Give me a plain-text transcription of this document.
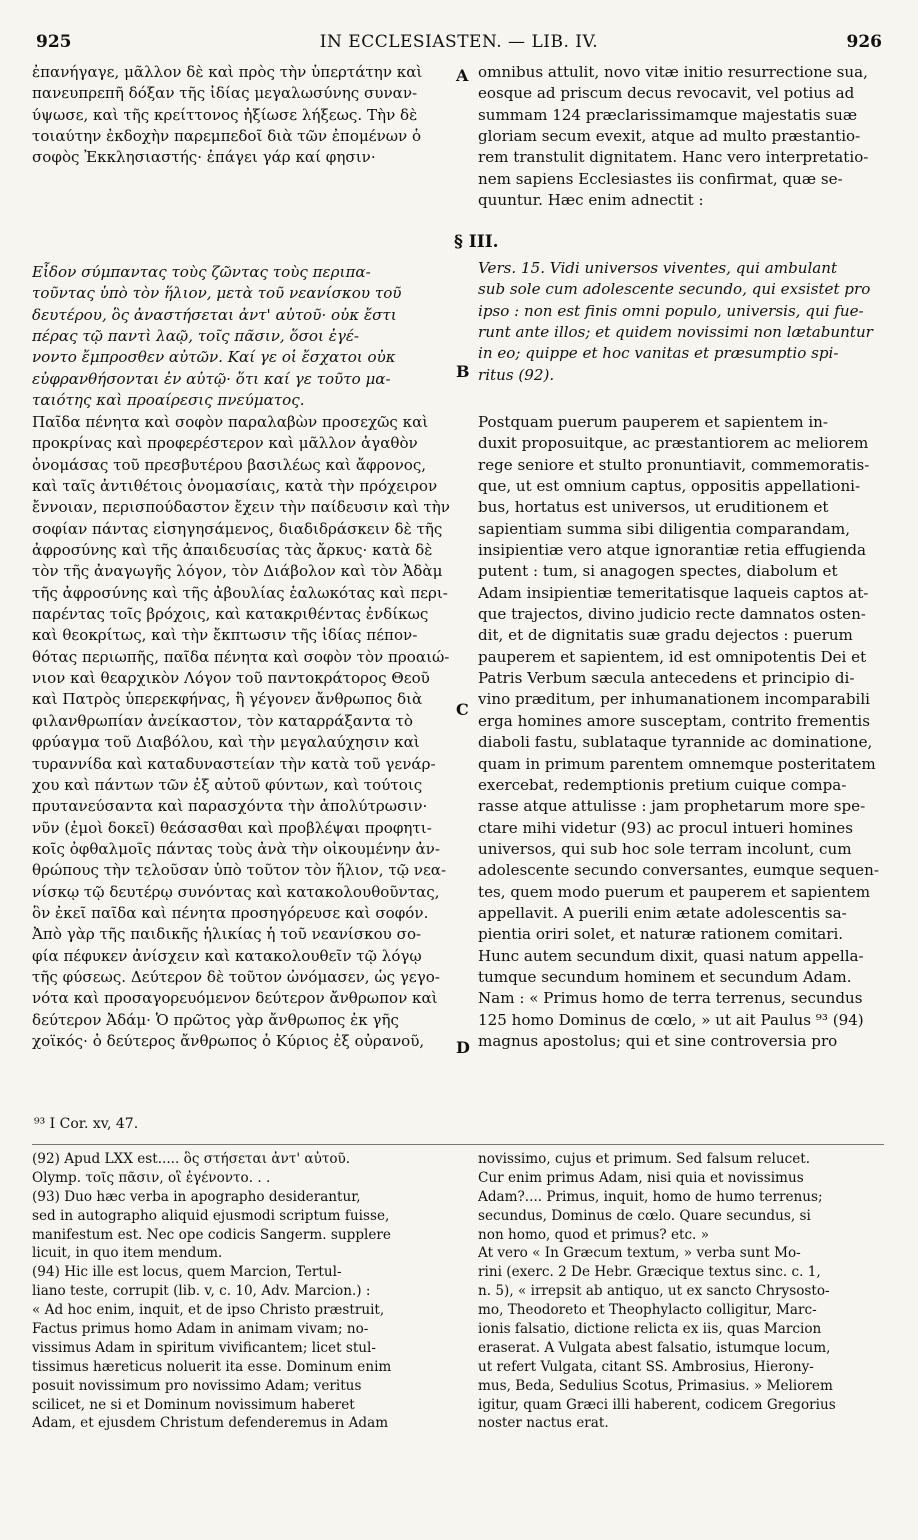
925	IN ECCLESIASTEN. — LIB. IV.	926
ἐπανήγαγε, μᾶλλον δὲ καὶ πρὸς τὴν ὑπερτάτην καὶ
πανευπρεπῆ δόξαν τῆς ἰδίας μεγαλωσύνης συναν-
ύψωσε, καὶ τῆς κρείττονος ἠξίωσε λήξεως. Τὴν δὲ
τοιαύτην ἐκδοχὴν παρεμπεδοῖ διὰ τῶν ἐπομένων ὁ
σοφὸς Ἐκκλησιαστής· ἐπάγει γάρ καί φησιν·
§ III.
Εἶδον σύμπαντας τοὺς ζῶντας τοὺς περιπα-
τοῦντας ὑπὸ τὸν ἥλιον, μετὰ τοῦ νεανίσκου τοῦ
δευτέρου, ὃς ἀναστήσεται ἀντ' αὐτοῦ· οὐκ ἔστι
πέρας τῷ παντὶ λαῷ, τοῖς πᾶσιν, ὅσοι ἐγέ-
νοντο ἔμπροσθεν αὐτῶν. Καί γε οἱ ἔσχατοι οὐκ
εὐφρανθήσονται ἐν αὐτῷ· ὅτι καί γε τοῦτο μα-
ταιότης καὶ προαίρεσις πνεύματος.
Παῖδα πένητα καὶ σοφὸν παραλαβὼν προσεχῶς καὶ
προκρίνας καὶ προφερέστερον καὶ μᾶλλον ἀγαθὸν
ὀνομάσας τοῦ πρεσβυτέρου βασιλέως καὶ ἄφρονος,
καὶ ταῖς ἀντιθέτοις ὀνομασίαις, κατὰ τὴν πρόχειρον
ἔννοιαν, περισπούδαστον ἔχειν τὴν παίδευσιν καὶ τὴν
σοφίαν πάντας εἰσηγησάμενος, διαδιδράσκειν δὲ τῆς
ἀφροσύνης καὶ τῆς ἀπαιδευσίας τὰς ἄρκυς· κατὰ δὲ
τὸν τῆς ἀναγωγῆς λόγον, τὸν Διάβολον καὶ τὸν Ἀδὰμ
τῆς ἀφροσύνης καὶ τῆς ἀβουλίας ἑαλωκότας καὶ περι-
παρέντας τοῖς βρόχοις, καὶ κατακριθέντας ἐνδίκως
καὶ θεοκρίτως, καὶ τὴν ἔκπτωσιν τῆς ἰδίας πέπον-
θότας περιωπῆς, παῖδα πένητα καὶ σοφὸν τὸν προαιώ-
νιον καὶ θεαρχικὸν Λόγον τοῦ παντοκράτορος Θεοῦ
καὶ Πατρὸς ὑπερεκφήνας, ἣ γέγονεν ἄνθρωπος διὰ
φιλανθρωπίαν ἀνείκαστον, τὸν καταρράξαντα τὸ
φρύαγμα τοῦ Διαβόλου, καὶ τὴν μεγαλαύχησιν καὶ
τυραννίδα καὶ καταδυναστείαν τὴν κατὰ τοῦ γενάρ-
χου καὶ πάντων τῶν ἐξ αὐτοῦ φύντων, καὶ τούτοις
πρυτανεύσαντα καὶ παρασχόντα τὴν ἀπολύτρωσιν·
νῦν (ἐμοὶ δοκεῖ) θεάσασθαι καὶ προβλέψαι προφητι-
κοῖς ὀφθαλμοῖς πάντας τοὺς ἀνὰ τὴν οἰκουμένην ἀν-
θρώπους τὴν τελοῦσαν ὑπὸ τοῦτον τὸν ἥλιον, τῷ νεα-
νίσκῳ τῷ δευτέρῳ συνόντας καὶ κατακολουθοῦντας,
ὃν ἐκεῖ παῖδα καὶ πένητα προσηγόρευσε καὶ σοφόν.
Ἀπὸ γὰρ τῆς παιδικῆς ἡλικίας ἡ τοῦ νεανίσκου σο-
φία πέφυκεν ἀνίσχειν καὶ κατακολουθεῖν τῷ λόγῳ
τῆς φύσεως. Δεύτερον δὲ τοῦτον ὠνόμασεν, ὡς γεγο-
νότα καὶ προσαγορευόμενον δεύτερον ἄνθρωπον καὶ
δεύτερον Ἀδάμ· Ὁ πρῶτος γὰρ ἄνθρωπος ἐκ γῆς
χοϊκός· ὁ δεύτερος ἄνθρωπος ὁ Κύριος ἐξ οὐρανοῦ,
⁹³ I Cor. xv, 47.
A
B
C
D
omnibus attulit, novo vitæ initio resurrectione sua,
eosque ad priscum decus revocavit, vel potius ad
summam 124 præclarissimamque majestatis suæ
gloriam secum evexit, atque ad multo præstantio-
rem transtulit dignitatem. Hanc vero interpretatio-
nem sapiens Ecclesiastes iis confirmat, quæ se-
quuntur. Hæc enim adnectit :
Vers. 15. Vidi universos viventes, qui ambulant
sub sole cum adolescente secundo, qui exsistet pro
ipso : non est finis omni populo, universis, qui fue-
runt ante illos; et quidem novissimi non lætabuntur
in eo; quippe et hoc vanitas et præsumptio spi-
ritus (92).
Postquam puerum pauperem et sapientem in-
duxit proposuitque, ac præstantiorem ac meliorem
rege seniore et stulto pronuntiavit, commemoratis-
que, ut est omnium captus, oppositis appellationi-
bus, hortatus est universos, ut eruditionem et
sapientiam summa sibi diligentia comparandam,
insipientiæ vero atque ignorantiæ retia effugienda
putent : tum, si anagogen spectes, diabolum et
Adam insipientiæ temeritatisque laqueis captos at-
que trajectos, divino judicio recte damnatos osten-
dit, et de dignitatis suæ gradu dejectos : puerum
pauperem et sapientem, id est omnipotentis Dei et
Patris Verbum sæcula antecedens et principio di-
vino præditum, per inhumanationem incomparabili
erga homines amore susceptam, contrito frementis
diaboli fastu, sublataque tyrannide ac dominatione,
quam in primum parentem omnemque posteritatem
exercebat, redemptionis pretium cuique compa-
rasse atque attulisse : jam prophetarum more spe-
ctare mihi videtur (93) ac procul intueri homines
universos, qui sub hoc sole terram incolunt, cum
adolescente secundo conversantes, eumque sequen-
tes, quem modo puerum et pauperem et sapientem
appellavit. A puerili enim ætate adolescentis sa-
pientia oriri solet, et naturæ rationem comitari.
Hunc autem secundum dixit, quasi natum appella-
tumque secundum hominem et secundum Adam.
Nam : « Primus homo de terra terrenus, secundus
125 homo Dominus de cœlo, » ut ait Paulus ⁹³ (94)
magnus apostolus; qui et sine controversia pro
(92) Apud LXX est..... ὃς στήσεται ἀντ' αὐτοῦ.
Olymp. τοῖς πᾶσιν, οἳ ἐγένοντο. . .
(93) Duo hæc verba in apographo desiderantur,
sed in autographo aliquid ejusmodi scriptum fuisse,
manifestum est. Nec ope codicis Sangerm. supplere
licuit, in quo item mendum.
(94) Hic ille est locus, quem Marcion, Tertul-
liano teste, corrupit (lib. v, c. 10, Adv. Marcion.) :
« Ad hoc enim, inquit, et de ipso Christo præstruit,
Factus primus homo Adam in animam vivam; no-
vissimus Adam in spiritum vivificantem; licet stul-
tissimus hæreticus noluerit ita esse. Dominum enim
posuit novissimum pro novissimo Adam; veritus
scilicet, ne si et Dominum novissimum haberet
Adam, et ejusdem Christum defenderemus in Adam
novissimo, cujus et primum. Sed falsum relucet.
Cur enim primus Adam, nisi quia et novissimus
Adam?.... Primus, inquit, homo de humo terrenus;
secundus, Dominus de cœlo. Quare secundus, si
non homo, quod et primus? etc. »
At vero « In Græcum textum, » verba sunt Mo-
rini (exerc. 2 De Hebr. Græcique textus sinc. c. 1,
n. 5), « irrepsit ab antiquo, ut ex sancto Chrysosto-
mo, Theodoreto et Theophylacto colligitur, Marc-
ionis falsatio, dictione relicta ex iis, quas Marcion
eraserat. A Vulgata abest falsatio, istumque locum,
ut refert Vulgata, citant SS. Ambrosius, Hierony-
mus, Beda, Sedulius Scotus, Primasius. » Meliorem
igitur, quam Græci illi haberent, codicem Gregorius
noster nactus erat.
